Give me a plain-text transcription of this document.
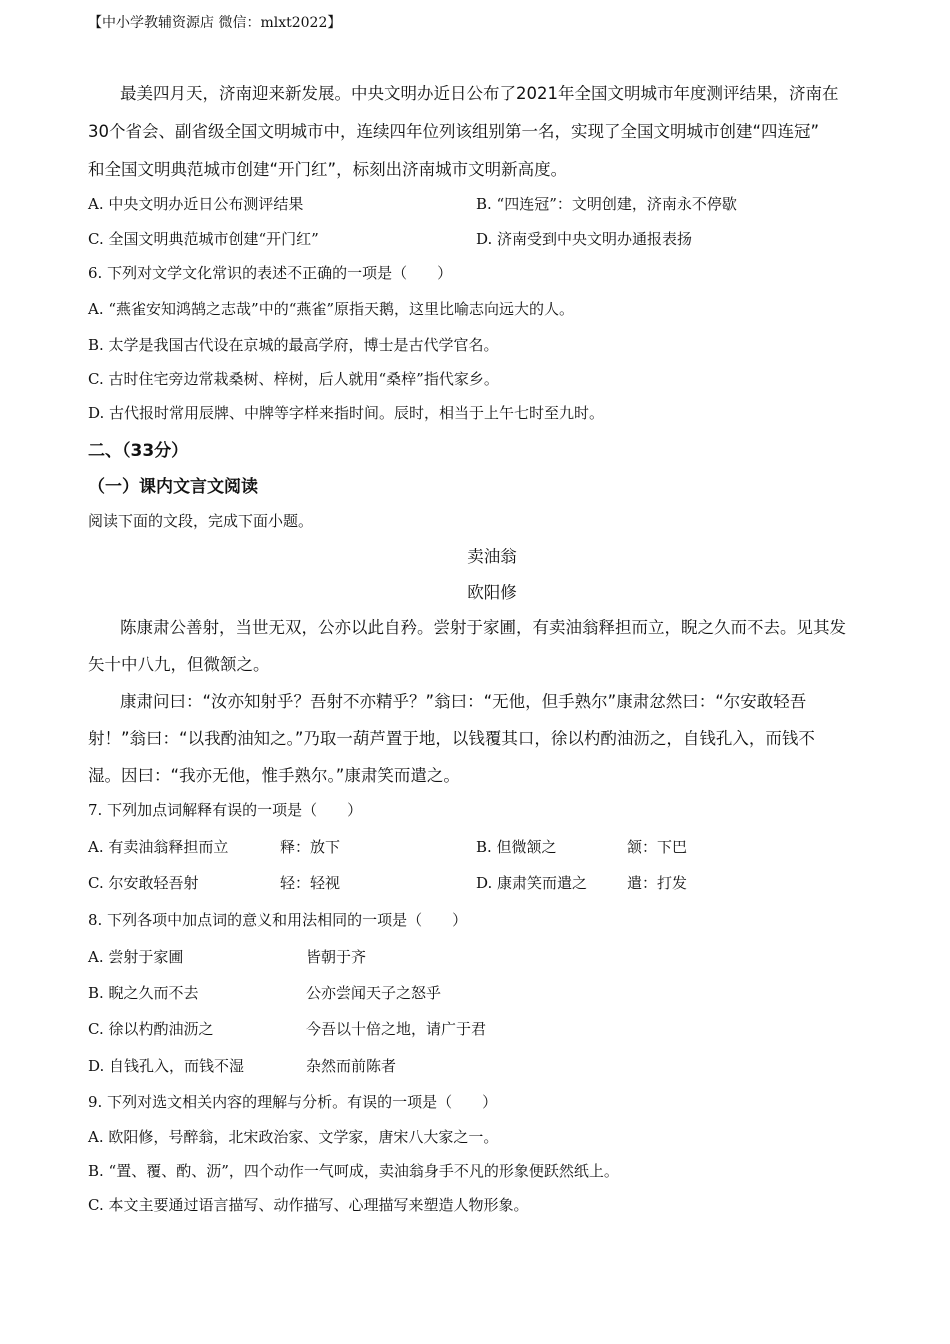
【中小学教辅资源店 微信：mlxt2022】
最美四月天，济南迎来新发展。中央文明办近日公布了2021年全国文明城市年度测评结果，济南在
30个省会、副省级全国文明城市中，连续四年位列该组别第一名，实现了全国文明城市创建“四连冠”
和全国文明典范城市创建“开门红”，标刻出济南城市文明新高度。
A. 中央文明办近日公布测评结果	B. “四连冠”：文明创建，济南永不停歇
C. 全国文明典范城市创建“开门红”	D. 济南受到中央文明办通报表扬
6. 下列对文学文化常识的表述不正确的一项是（　　）
A. “燕雀安知鸿鹄之志哉”中的“燕雀”原指天鹅，这里比喻志向远大的人。
B. 太学是我国古代设在京城的最高学府，博士是古代学官名。
C. 古时住宅旁边常栽桑树、梓树，后人就用“桑梓”指代家乡。
D. 古代报时常用辰牌、中牌等字样来指时间。辰时，相当于上午七时至九时。
二、（33分）
（一）课内文言文阅读
阅读下面的文段，完成下面小题。
卖油翁
欧阳修
陈康肃公善射，当世无双，公亦以此自矜。尝射于家圃，有卖油翁释担而立，睨之久而不去。见其发
矢十中八九，但微颔之。
康肃问曰：“汝亦知射乎？吾射不亦精乎？”翁曰：“无他，但手熟尔”康肃忿然曰：“尔安敢轻吾
射！”翁曰：“以我酌油知之。”乃取一葫芦置于地，以钱覆其口，徐以杓酌油沥之，自钱孔入，而钱不
湿。因曰：“我亦无他，惟手熟尔。”康肃笑而遣之。
7. 下列加点词解释有误的一项是（　　）
A. 有卖油翁释担而立	释：放下	B. 但微颔之	颔：下巴
C. 尔安敢轻吾射	轻：轻视	D. 康肃笑而遣之	遣：打发
8. 下列各项中加点词的意义和用法相同的一项是（　　）
A. 尝射于家圃	皆朝于齐
B. 睨之久而不去	公亦尝闻天子之怒乎
C. 徐以杓酌油沥之	今吾以十倍之地，请广于君
D. 自钱孔入，而钱不湿	杂然而前陈者
9. 下列对选文相关内容的理解与分析。有误的一项是（　　）
A. 欧阳修，号醉翁，北宋政治家、文学家，唐宋八大家之一。
B. “置、覆、酌、沥”，四个动作一气呵成，卖油翁身手不凡的形象便跃然纸上。
C. 本文主要通过语言描写、动作描写、心理描写来塑造人物形象。
